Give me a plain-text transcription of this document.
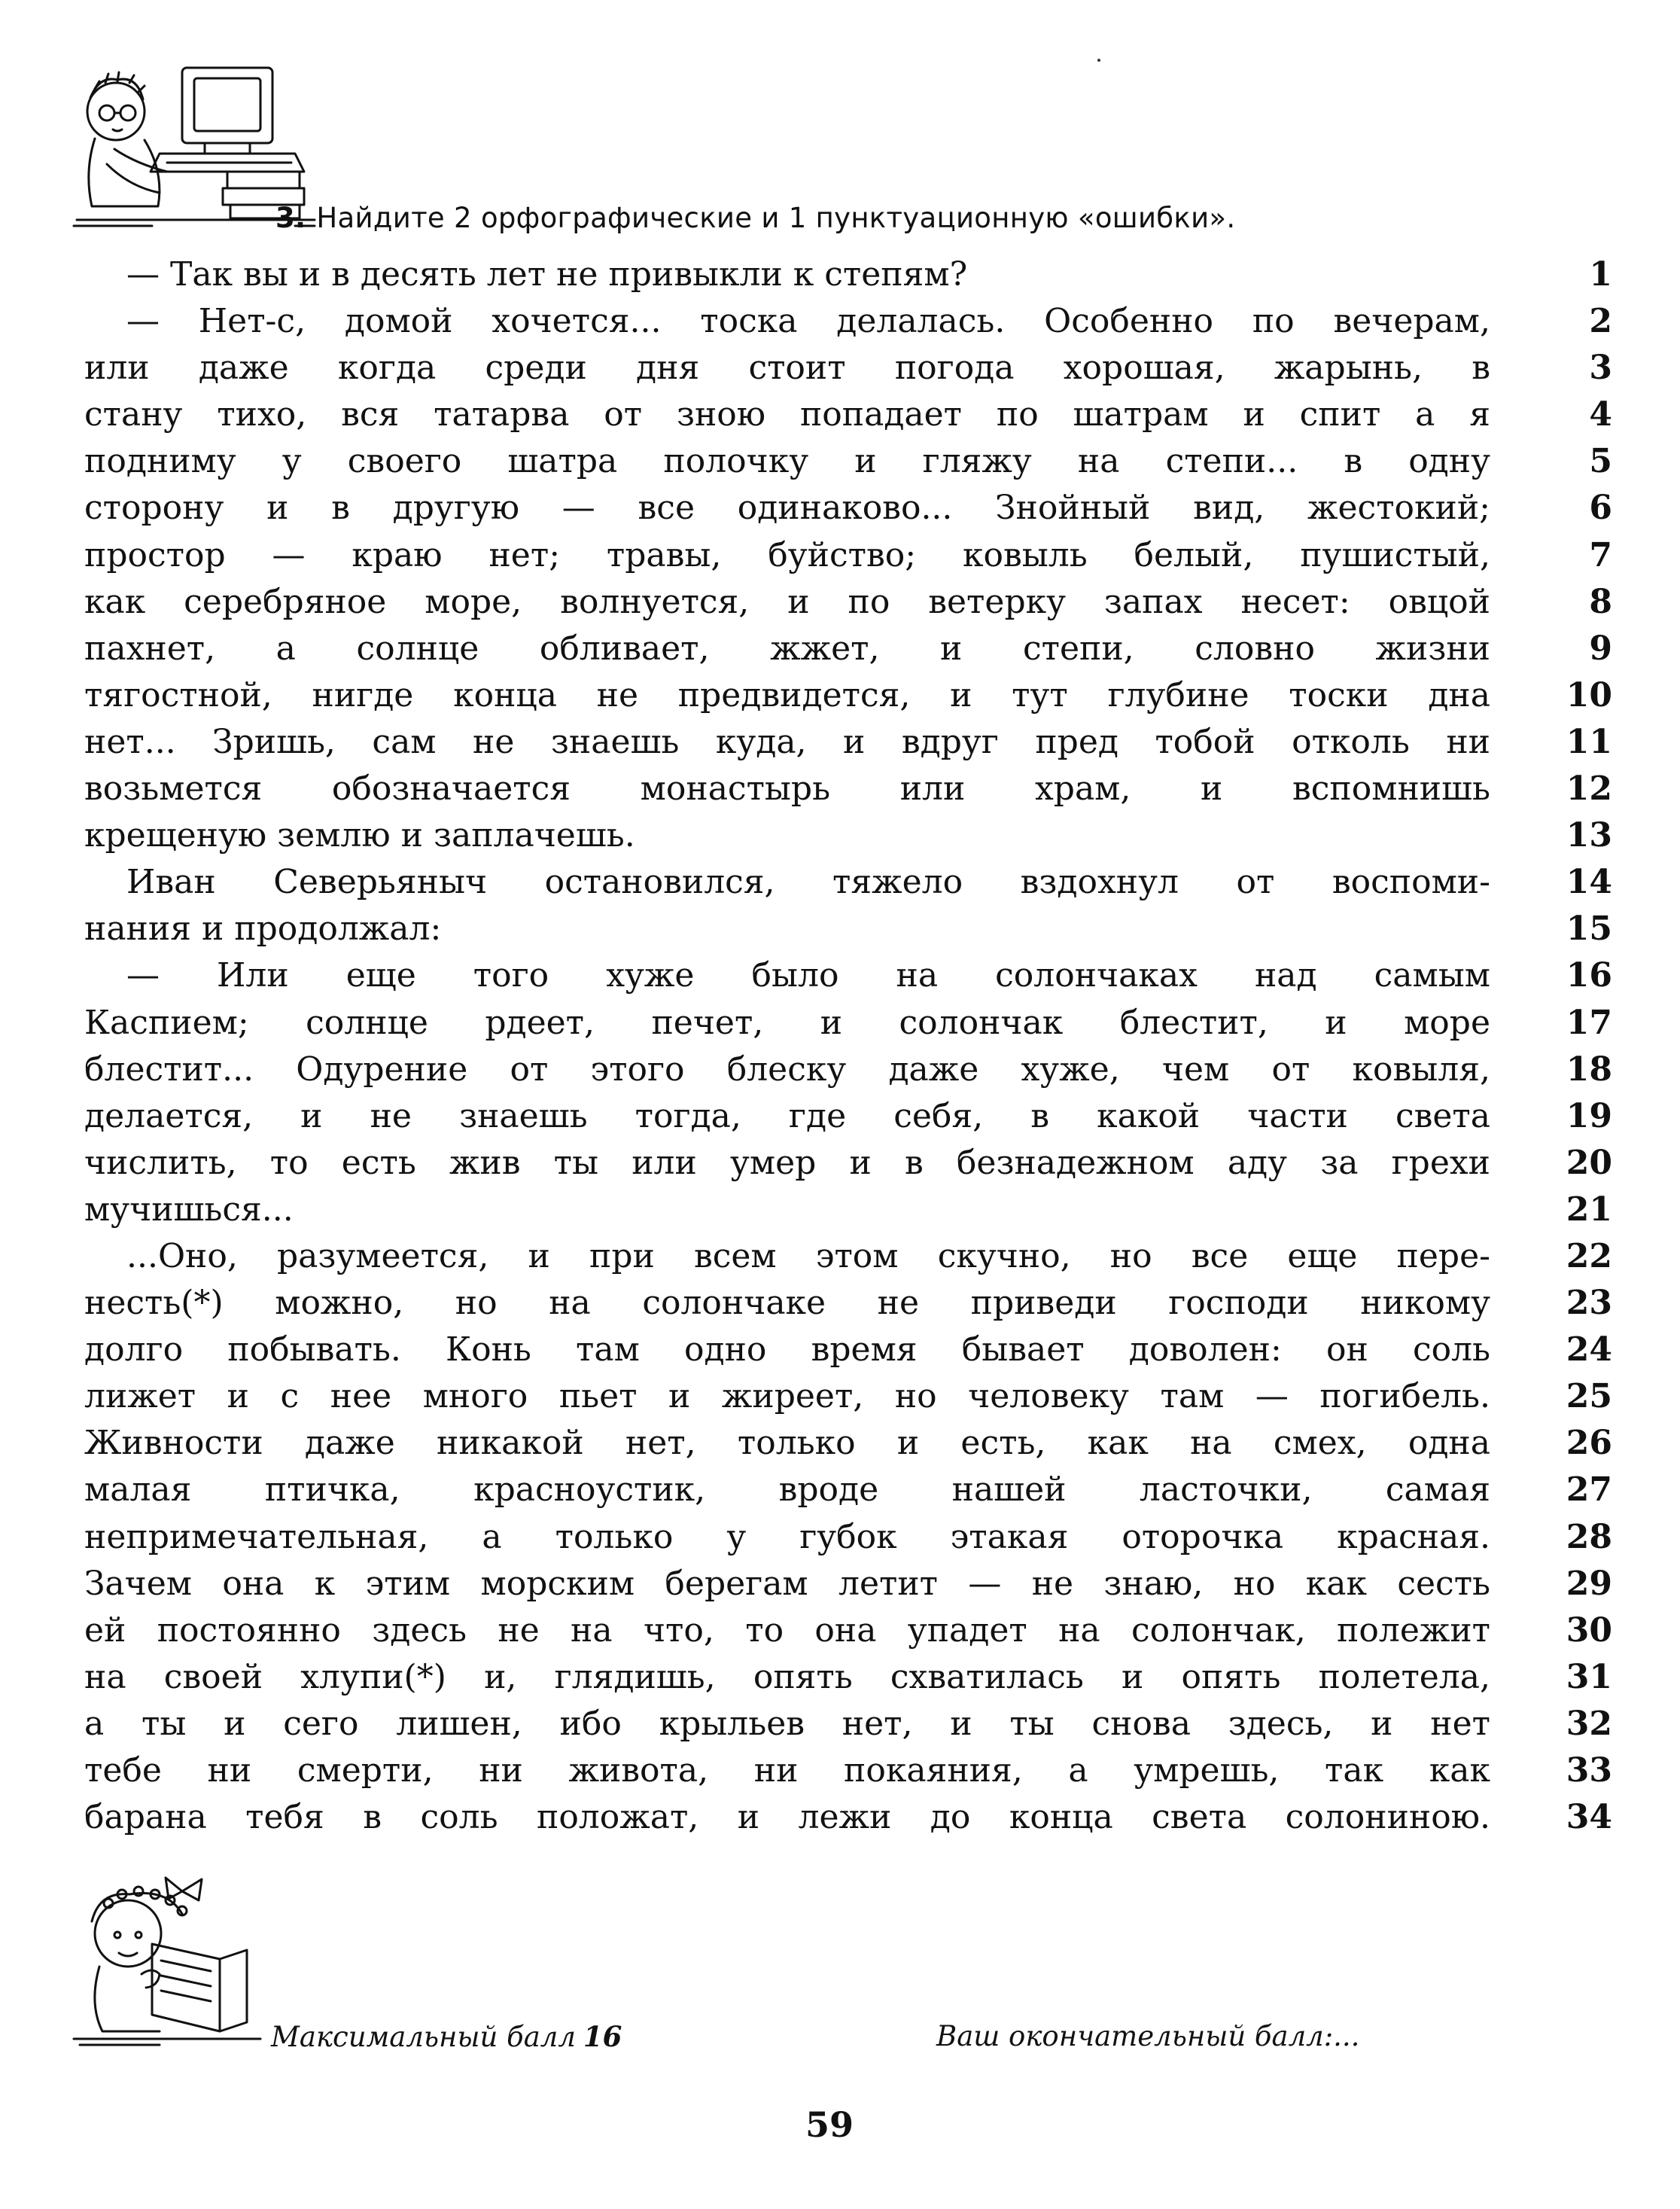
3. Найдите 2 орфографические и 1 пунктуационную «ошибки».
— Так вы и в десять лет не привыкли к степям?	1
— Нет-с, домой хочется... тоска делалась. Особенно по вечерам,	2
или даже когда среди дня стоит погода хорошая, жарынь, в	3
стану тихо, вся татарва от зною попадает по шатрам и спит а я	4
подниму у своего шатра полочку и гляжу на степи... в одну	5
сторону и в другую — все одинаково... Знойный вид, жестокий;	6
простор — краю нет; травы, буйство; ковыль белый, пушистый,	7
как серебряное море, волнуется, и по ветерку запах несет: овцой	8
пахнет, а солнце обливает, жжет, и степи, словно жизни	9
тягостной, нигде конца не предвидется, и тут глубине тоски дна	10
нет... Зришь, сам не знаешь куда, и вдруг пред тобой отколь ни	11
возьмется обозначается монастырь или храм, и вспомнишь	12
крещеную землю и заплачешь.	13
Иван Северьяныч остановился, тяжело вздохнул от воспоми-	14
нания и продолжал:	15
— Или еще того хуже было на солончаках над самым	16
Каспием; солнце рдеет, печет, и солончак блестит, и море	17
блестит... Одурение от этого блеску даже хуже, чем от ковыля,	18
делается, и не знаешь тогда, где себя, в какой части света	19
числить, то есть жив ты или умер и в безнадежном аду за грехи	20
мучишься...	21
...Оно, разумеется, и при всем этом скучно, но все еще пере-	22
несть(*) можно, но на солончаке не приведи господи никому	23
долго побывать. Конь там одно время бывает доволен: он соль	24
лижет и с нее много пьет и жиреет, но человеку там — погибель.	25
Живности даже никакой нет, только и есть, как на смех, одна	26
малая птичка, красноустик, вроде нашей ласточки, самая	27
непримечательная, а только у губок этакая оторочка красная.	28
Зачем она к этим морским берегам летит — не знаю, но как сесть	29
ей постоянно здесь не на что, то она упадет на солончак, полежит	30
на своей хлупи(*) и, глядишь, опять схватилась и опять полетела,	31
а ты и сего лишен, ибо крыльев нет, и ты снова здесь, и нет	32
тебе ни смерти, ни живота, ни покаяния, а умрешь, так как	33
барана тебя в соль положат, и лежи до конца света солониною.	34
Максимальный балл 16	Ваш окончательный балл:...
59
